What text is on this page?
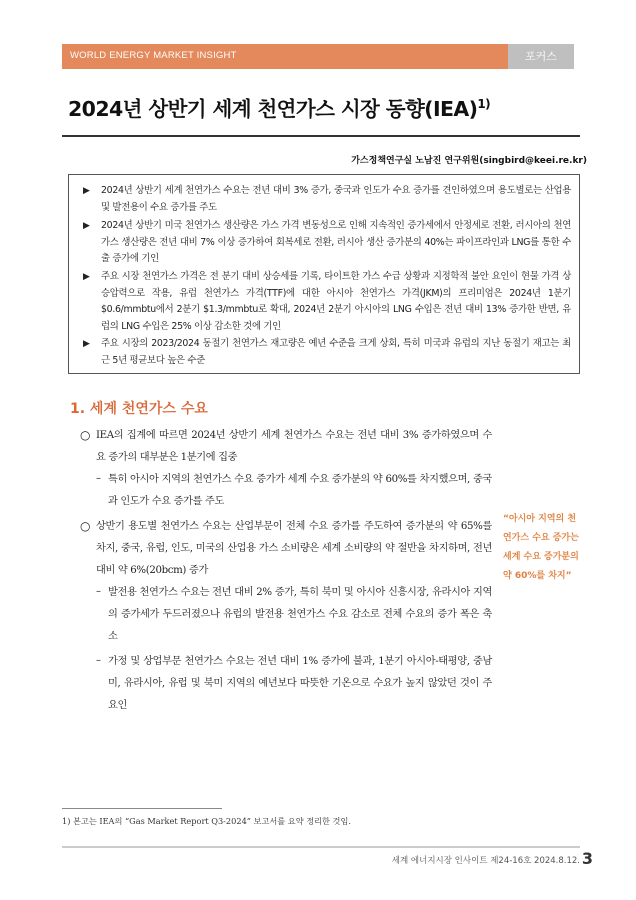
WORLD ENERGY MARKET INSIGHT	포커스
2024년 상반기 세계 천연가스 시장 동향(IEA)$^{1)}$
가스정책연구실 노남진 연구위원(singbird@keei.re.kr)
▶ 2024년 상반기 세계 천연가스 수요는 전년 대비 3% 증가, 중국과 인도가 수요 증가를 견인하였으며 용도별로는 산업용 및 발전용이 수요 증가를 주도
▶ 2024년 상반기 미국 천연가스 생산량은 가스 가격 변동성으로 인해 지속적인 증가세에서 안정세로 전환, 러시아의 천연가스 생산량은 전년 대비 7% 이상 증가하여 회복세로 전환, 러시아 생산 증가분의 40%는 파이프라인과 LNG를 통한 수출 증가에 기인
▶ 주요 시장 천연가스 가격은 전 분기 대비 상승세를 기록, 타이트한 가스 수급 상황과 지정학적 불안 요인이 현물 가격 상승압력으로 작용, 유럽 천연가스 가격(TTF)에 대한 아시아 천연가스 가격(JKM)의 프리미엄은 2024년 1분기 $0.6/mmbtu에서 2분기 $1.3/mmbtu로 확대, 2024년 2분기 아시아의 LNG 수입은 전년 대비 13% 증가한 반면, 유럽의 LNG 수입은 25% 이상 감소한 것에 기인
▶ 주요 시장의 2023/2024 동절기 천연가스 재고량은 예년 수준을 크게 상회, 특히 미국과 유럽의 지난 동절기 재고는 최근 5년 평균보다 높은 수준
1. 세계 천연가스 수요
○ IEA의 집계에 따르면 2024년 상반기 세계 천연가스 수요는 전년 대비 3% 증가하였으며 수요 증가의 대부분은 1분기에 집중
– 특히 아시아 지역의 천연가스 수요 증가가 세계 수요 증가분의 약 60%를 차지했으며, 중국과 인도가 수요 증가를 주도
○ 상반기 용도별 천연가스 수요는 산업부문이 전체 수요 증가를 주도하여 증가분의 약 65%를 차지, 중국, 유럽, 인도, 미국의 산업용 가스 소비량은 세계 소비량의 약 절반을 차지하며, 전년 대비 약 6%(20bcm) 증가
– 발전용 천연가스 수요는 전년 대비 2% 증가, 특히 북미 및 아시아 신흥시장, 유라시아 지역의 증가세가 두드러졌으나 유럽의 발전용 천연가스 수요 감소로 전체 수요의 증가 폭은 축소
– 가정 및 상업부문 천연가스 수요는 전년 대비 1% 증가에 불과, 1분기 아시아-태평양, 중남미, 유라시아, 유럽 및 북미 지역의 예년보다 따뜻한 기온으로 수요가 높지 않았던 것이 주요인
“아시아 지역의 천연가스 수요 증가는 세계 수요 증가분의 약 60%를 차지”
1) 본고는 IEA의 “Gas Market Report Q3-2024” 보고서를 요약 정리한 것임.
세계 에너지시장 인사이트 제24-16호 2024.8.12. 3
